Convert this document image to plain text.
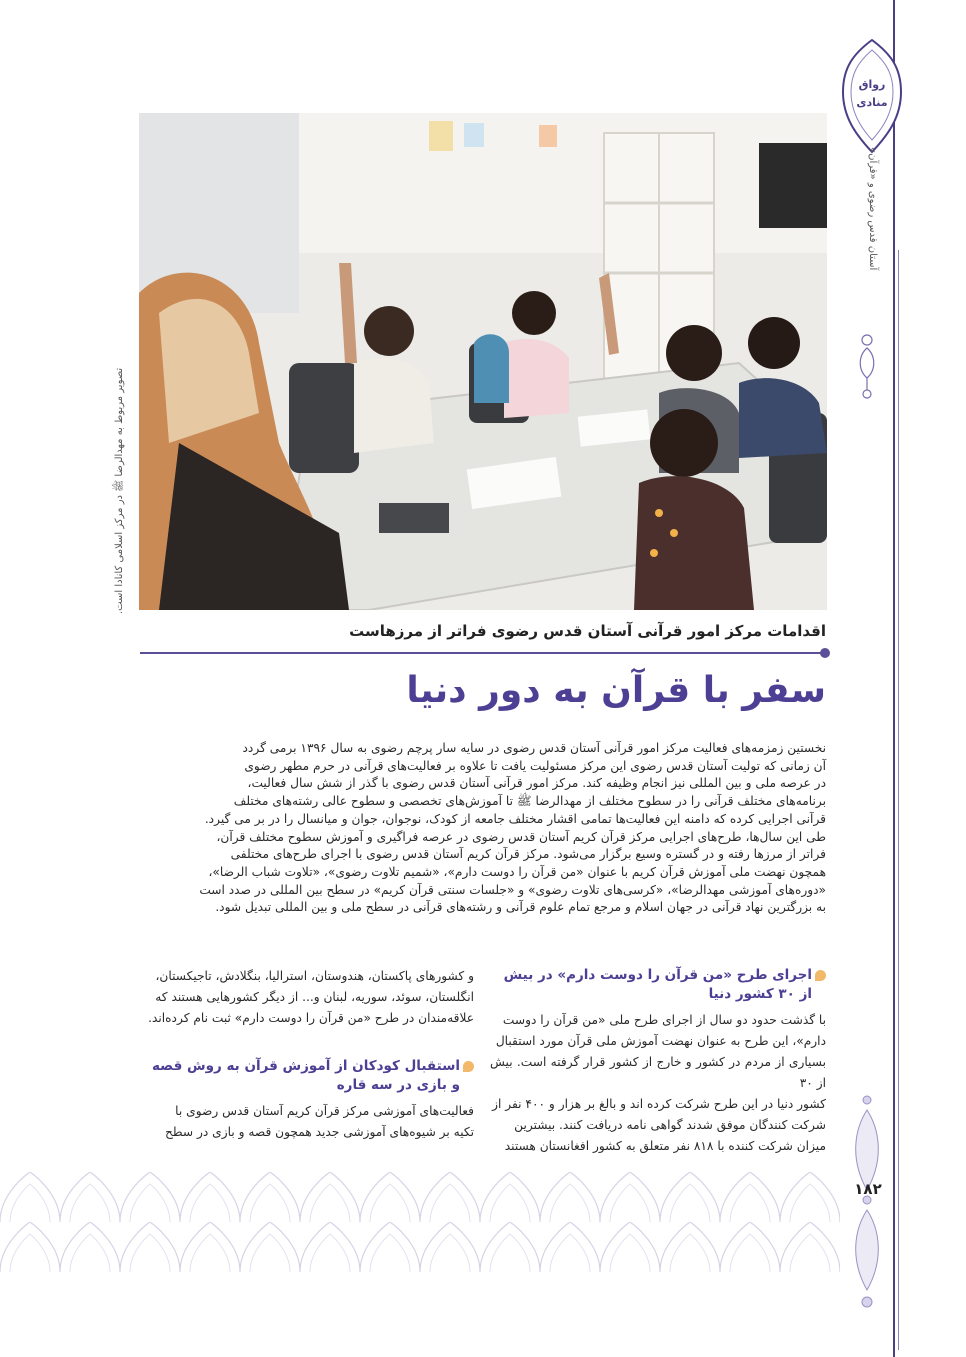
رواق
منادی
آستان قدس رضوی و «قرآن»
۱۸۲
تصویر مربوط به مهدالرضا ﷺ در مرکز اسلامی کانادا است.
اقدامات مرکز امور قرآنی آستان قدس رضوی فراتر از مرزهاست
سفر با قرآن به دور دنیا
نخستین زمزمه‌های فعالیت مرکز امور قرآنی آستان قدس رضوی در سایه سار پرچم رضوی به سال ۱۳۹۶ برمی گردد
آن زمانی که تولیت آستان قدس رضوی این مرکز مسئولیت یافت تا علاوه بر فعالیت‌های قرآنی در حرم مطهر رضوی
در عرصه ملی و بین المللی نیز انجام وظیفه کند. مرکز امور قرآنی آستان قدس رضوی با گذر از شش سال فعالیت،
برنامه‌های مختلف قرآنی را در سطوح مختلف از مهدالرضا ﷺ تا آموزش‌های تخصصی و سطوح عالی رشته‌های مختلف
قرآنی اجرایی کرده که دامنه این فعالیت‌ها تمامی اقشار مختلف جامعه از کودک، نوجوان، جوان و میانسال را در بر می گیرد.
طی این سال‌ها، طرح‌های اجرایی مرکز قرآن کریم آستان قدس رضوی در عرصه فراگیری و آموزش سطوح مختلف قرآن،
فراتر از مرزها رفته و در گستره وسیع برگزار می‌شود. مرکز قرآن کریم آستان قدس رضوی با اجرای طرح‌های مختلفی
همچون نهضت ملی آموزش قرآن کریم با عنوان «من قرآن را دوست دارم»، «شمیم تلاوت رضوی»، «تلاوت شباب الرضا»،
«دوره‌های آموزشی مهدالرضا»، «کرسی‌های تلاوت رضوی» و «جلسات سنتی قرآن کریم» در سطح بین المللی در صدد است
به بزرگترین نهاد قرآنی در جهان اسلام و مرجع تمام علوم قرآنی و رشته‌های قرآنی در سطح ملی و بین المللی تبدیل شود.
اجرای طرح «من قرآن را دوست دارم» در بیش از ۳۰ کشور دنیا
با گذشت حدود دو سال از اجرای طرح ملی «من قرآن را دوست
دارم»، این طرح به عنوان نهضت آموزش ملی قرآن مورد استقبال
بسیاری از مردم در کشور و خارج از کشور قرار گرفته است. بیش از ۳۰
کشور دنیا در این طرح شرکت کرده اند و بالغ بر هزار و ۴۰۰ نفر از
شرکت کنندگان موفق شدند گواهی نامه دریافت کنند. بیشترین
میزان شرکت کننده با ۸۱۸ نفر متعلق به کشور افغانستان هستند
و کشورهای پاکستان، هندوستان، استرالیا، بنگلادش، تاجیکستان،
انگلستان، سوئد، سوریه، لبنان و... از دیگر کشورهایی هستند که
علاقه‌مندان در طرح «من قرآن را دوست دارم» ثبت نام کرده‌اند.
استقبال کودکان از آموزش قرآن به روش قصه و بازی در سه قاره
فعالیت‌های آموزشی مرکز قرآن کریم آستان قدس رضوی با
تکیه بر شیوه‌های آموزشی جدید همچون قصه و بازی در سطح
